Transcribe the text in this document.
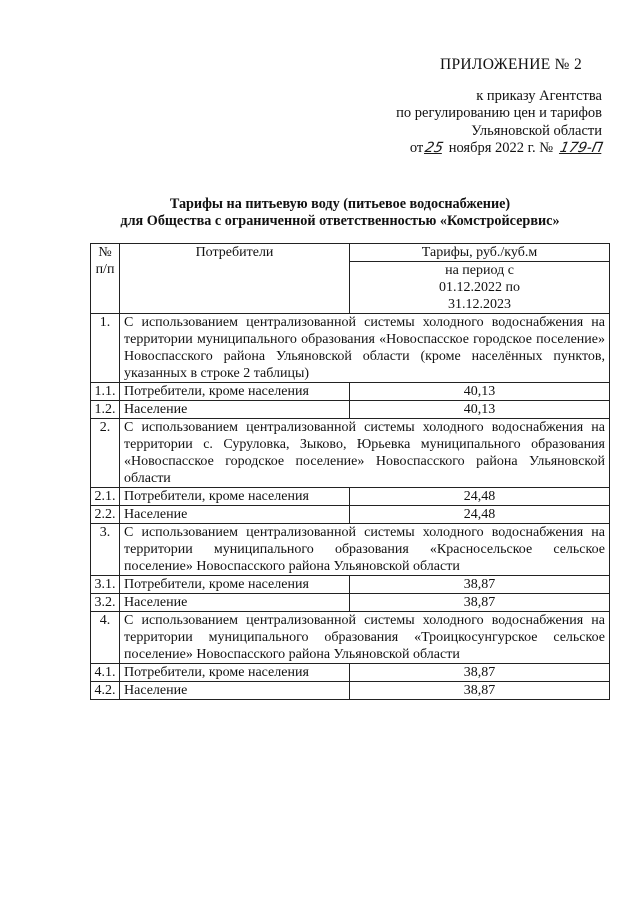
ПРИЛОЖЕНИЕ № 2
к приказу Агентства
по регулированию цен и тарифов
Ульяновской области
от25 ноября 2022 г. № 179-П
Тарифы на питьевую воду (питьевое водоснабжение)
для Общества с ограниченной ответственностью «Комстройсервис»
№ п/п	Потребители	Тарифы, руб./куб.м

		на период с 01.12.2022 по 31.12.2023

1.	С использованием централизованной системы холодного водоснабжения на территории муниципального образования «Новоспасское городское поселение» Новоспасского района Ульяновской области (кроме населённых пунктов, указанных в строке 2 таблицы)	
1.1.	Потребители, кроме населения	40,13
1.2.	Население	40,13
2.	С использованием централизованной системы холодного водоснабжения на территории с. Суруловка, Зыково, Юрьевка муниципального образования «Новоспасское городское поселение» Новоспасского района Ульяновской области	
2.1.	Потребители, кроме населения	24,48
2.2.	Население	24,48
3.	С использованием централизованной системы холодного водоснабжения на территории муниципального образования «Красносельское сельское поселение» Новоспасского района Ульяновской области	
3.1.	Потребители, кроме населения	38,87
3.2.	Население	38,87
4.	С использованием централизованной системы холодного водоснабжения на территории муниципального образования «Троицкосунгурское сельское поселение» Новоспасского района Ульяновской области	
4.1.	Потребители, кроме населения	38,87
4.2.	Население	38,87
